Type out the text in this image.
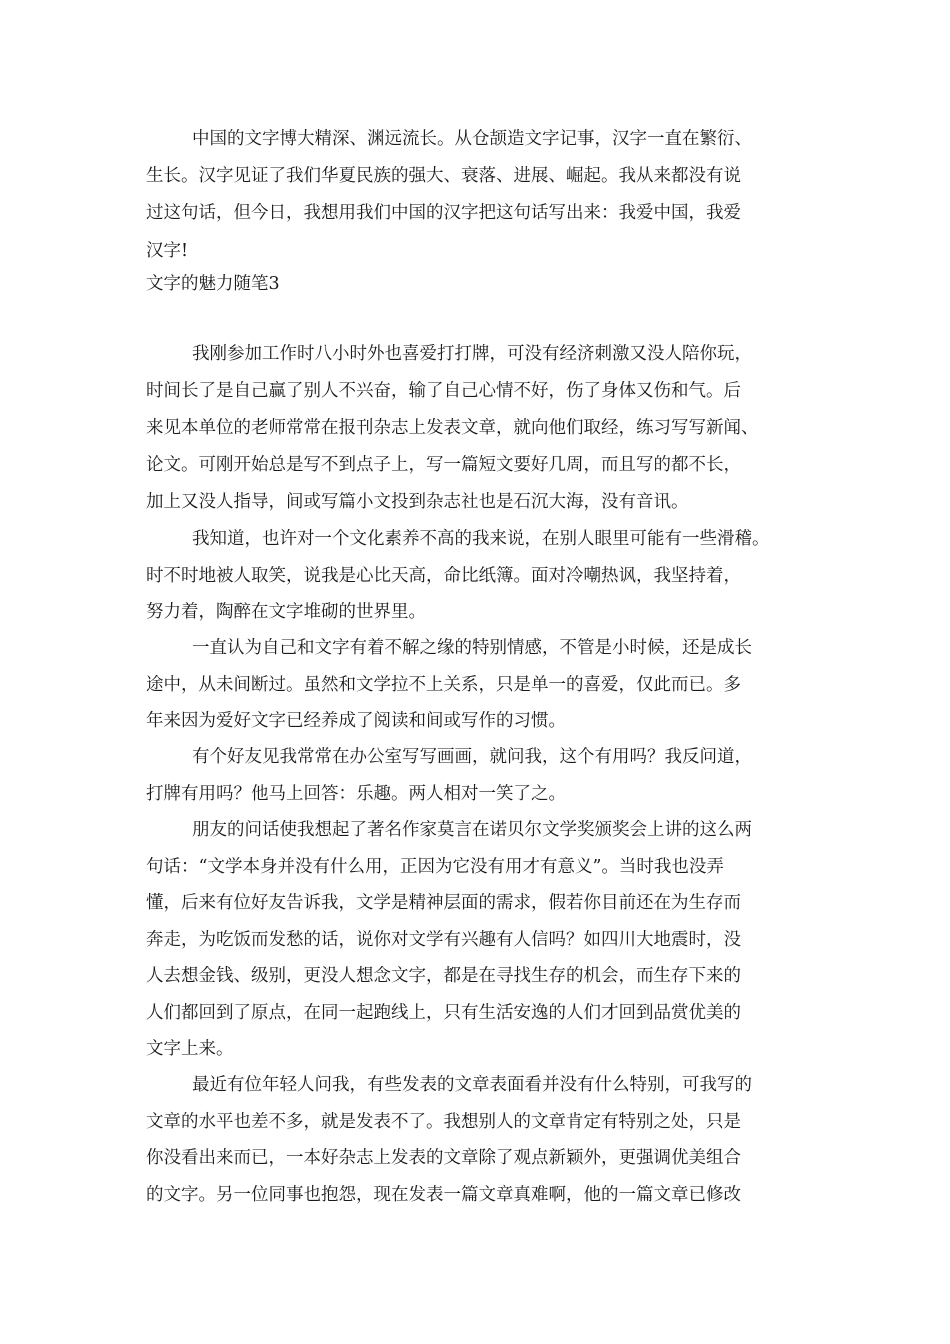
中国的文字博大精深、渊远流长。从仓颉造文字记事，汉字一直在繁衍、
生长。汉字见证了我们华夏民族的强大、衰落、进展、崛起。我从来都没有说
过这句话，但今日，我想用我们中国的汉字把这句话写出来：我爱中国，我爱
汉字!
文字的魅力随笔3
我刚参加工作时八小时外也喜爱打打牌，可没有经济刺激又没人陪你玩，
时间长了是自己赢了别人不兴奋，输了自己心情不好，伤了身体又伤和气。后
来见本单位的老师常常在报刊杂志上发表文章，就向他们取经，练习写写新闻、
论文。可刚开始总是写不到点子上，写一篇短文要好几周，而且写的都不长，
加上又没人指导，间或写篇小文投到杂志社也是石沉大海，没有音讯。
我知道，也许对一个文化素养不高的我来说，在别人眼里可能有一些滑稽。
时不时地被人取笑，说我是心比天高，命比纸簿。面对冷嘲热讽，我坚持着，
努力着，陶醉在文字堆砌的世界里。
一直认为自己和文字有着不解之缘的特别情感，不管是小时候，还是成长
途中，从未间断过。虽然和文学拉不上关系，只是单一的喜爱，仅此而已。多
年来因为爱好文字已经养成了阅读和间或写作的习惯。
有个好友见我常常在办公室写写画画，就问我，这个有用吗？我反问道，
打牌有用吗？他马上回答：乐趣。两人相对一笑了之。
朋友的问话使我想起了著名作家莫言在诺贝尔文学奖颁奖会上讲的这么两
句话：“文学本身并没有什么用，正因为它没有用才有意义”。当时我也没弄
懂，后来有位好友告诉我，文学是精神层面的需求，假若你目前还在为生存而
奔走，为吃饭而发愁的话，说你对文学有兴趣有人信吗？如四川大地震时，没
人去想金钱、级别，更没人想念文字，都是在寻找生存的机会，而生存下来的
人们都回到了原点，在同一起跑线上，只有生活安逸的人们才回到品赏优美的
文字上来。
最近有位年轻人问我，有些发表的文章表面看并没有什么特别，可我写的
文章的水平也差不多，就是发表不了。我想别人的文章肯定有特别之处，只是
你没看出来而已，一本好杂志上发表的文章除了观点新颖外，更强调优美组合
的文字。另一位同事也抱怨，现在发表一篇文章真难啊，他的一篇文章已修改
